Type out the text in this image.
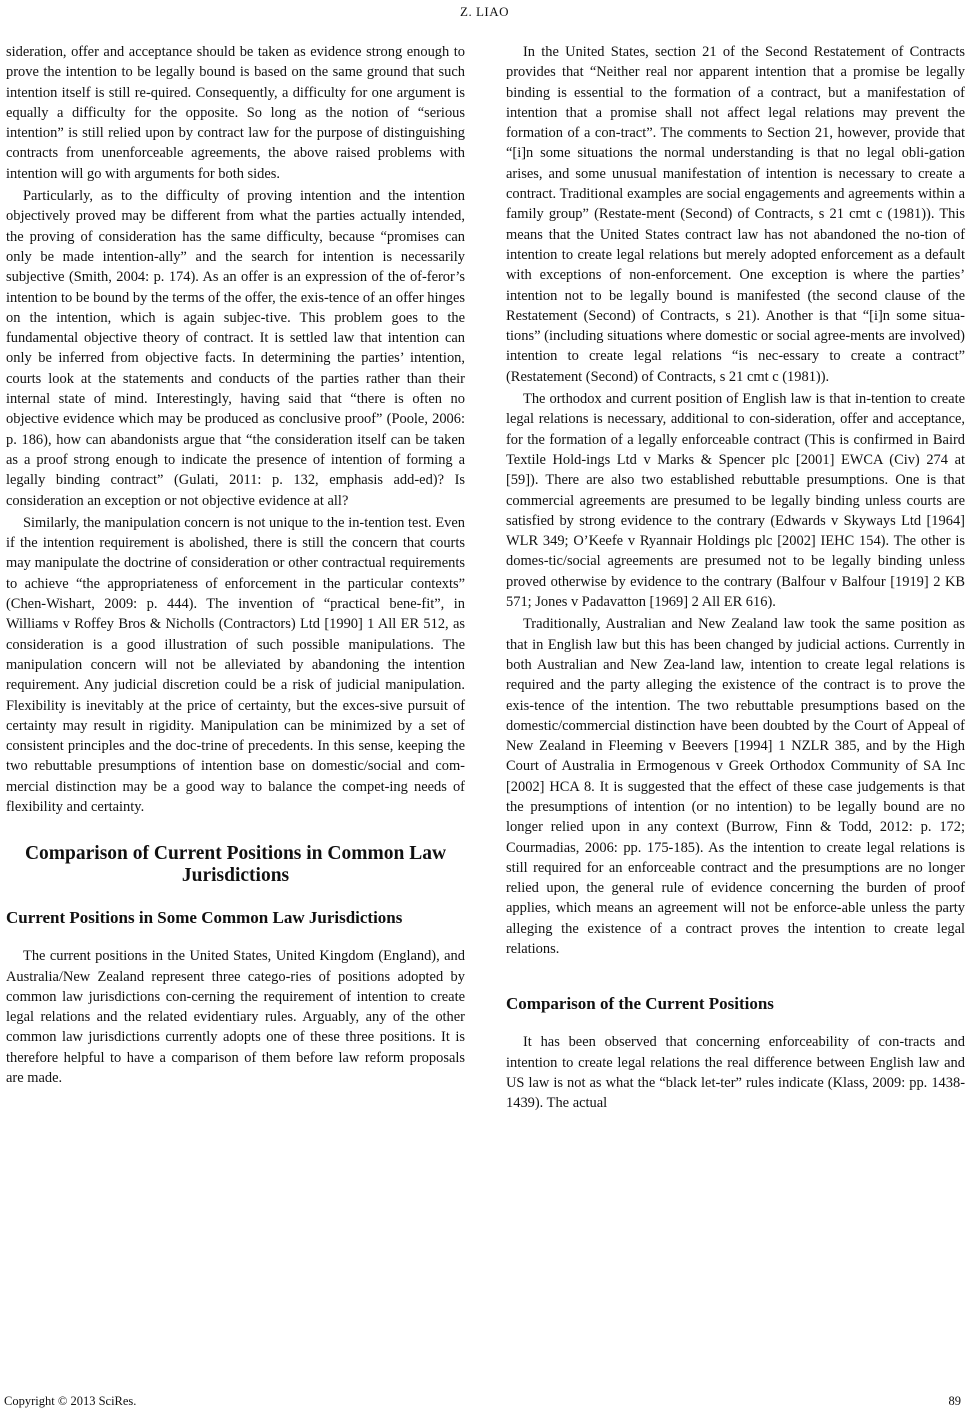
Z. LIAO

sideration, offer and acceptance should be taken as evidence strong enough to prove the intention to be legally bound is based on the same ground that such intention itself is still re-quired. Consequently, a difficulty for one argument is equally a difficulty for the opposite. So long as the notion of “serious intention” is still relied upon by contract law for the purpose of distinguishing contracts from unenforceable agreements, the above raised problems with intention will go with arguments for both sides.

Particularly, as to the difficulty of proving intention and the intention objectively proved may be different from what the parties actually intended, the proving of consideration has the same difficulty, because “promises can only be made intention-ally” and the search for intention is necessarily subjective (Smith, 2004: p. 174). As an offer is an expression of the of-feror’s intention to be bound by the terms of the offer, the exis-tence of an offer hinges on the intention, which is again subjec-tive. This problem goes to the fundamental objective theory of contract. It is settled law that intention can only be inferred from objective facts. In determining the parties’ intention, courts look at the statements and conducts of the parties rather than their internal state of mind. Interestingly, having said that “there is often no objective evidence which may be produced as conclusive proof” (Poole, 2006: p. 186), how can abandonists argue that “the consideration itself can be taken as a proof strong enough to indicate the presence of intention of forming a legally binding contract” (Gulati, 2011: p. 132, emphasis add-ed)? Is consideration an exception or not objective evidence at all?

Similarly, the manipulation concern is not unique to the in-tention test. Even if the intention requirement is abolished, there is still the concern that courts may manipulate the doctrine of consideration or other contractual requirements to achieve “the appropriateness of enforcement in the particular contexts” (Chen-Wishart, 2009: p. 444). The invention of “practical bene-fit”, in Williams v Roffey Bros & Nicholls (Contractors) Ltd [1990] 1 All ER 512, as consideration is a good illustration of such possible manipulations. The manipulation concern will not be alleviated by abandoning the intention requirement. Any judicial discretion could be a risk of judicial manipulation. Flexibility is inevitably at the price of certainty, but the exces-sive pursuit of certainty may result in rigidity. Manipulation can be minimized by a set of consistent principles and the doc-trine of precedents. In this sense, keeping the two rebuttable presumptions of intention base on domestic/social and com-mercial distinction may be a good way to balance the compet-ing needs of flexibility and certainty.

Comparison of Current Positions in Common Law Jurisdictions
Current Positions in Some Common Law Jurisdictions

The current positions in the United States, United Kingdom (England), and Australia/New Zealand represent three catego-ries of positions adopted by common law jurisdictions con-cerning the requirement of intention to create legal relations and the related evidentiary rules. Arguably, any of the other common law jurisdictions currently adopts one of these three positions. It is therefore helpful to have a comparison of them before law reform proposals are made.

In the United States, section 21 of the Second Restatement of Contracts provides that “Neither real nor apparent intention that a promise be legally binding is essential to the formation of a contract, but a manifestation of intention that a promise shall not affect legal relations may prevent the formation of a con-tract”. The comments to Section 21, however, provide that “[i]n some situations the normal understanding is that no legal obli-gation arises, and some unusual manifestation of intention is necessary to create a contract. Traditional examples are social engagements and agreements within a family group” (Restate-ment (Second) of Contracts, s 21 cmt c (1981)). This means that the United States contract law has not abandoned the no-tion of intention to create legal relations but merely adopted enforcement as a default with exceptions of non-enforcement. One exception is where the parties’ intention not to be legally bound is manifested (the second clause of the Restatement (Second) of Contracts, s 21). Another is that “[i]n some situa-tions” (including situations where domestic or social agree-ments are involved) intention to create legal relations “is nec-essary to create a contract” (Restatement (Second) of Contracts, s 21 cmt c (1981)).

The orthodox and current position of English law is that in-tention to create legal relations is necessary, additional to con-sideration, offer and acceptance, for the formation of a legally enforceable contract (This is confirmed in Baird Textile Hold-ings Ltd v Marks & Spencer plc [2001] EWCA (Civ) 274 at [59]). There are also two established rebuttable presumptions. One is that commercial agreements are presumed to be legally binding unless courts are satisfied by strong evidence to the contrary (Edwards v Skyways Ltd [1964] WLR 349; O’Keefe v Ryannair Holdings plc [2002] IEHC 154). The other is domes-tic/social agreements are presumed not to be legally binding unless proved otherwise by evidence to the contrary (Balfour v Balfour [1919] 2 KB 571; Jones v Padavatton [1969] 2 All ER 616).

Traditionally, Australian and New Zealand law took the same position as that in English law but this has been changed by judicial actions. Currently in both Australian and New Zea-land law, intention to create legal relations is required and the party alleging the existence of the contract is to prove the exis-tence of the intention. The two rebuttable presumptions based on the domestic/commercial distinction have been doubted by the Court of Appeal of New Zealand in Fleeming v Beevers [1994] 1 NZLR 385, and by the High Court of Australia in Ermogenous v Greek Orthodox Community of SA Inc [2002] HCA 8. It is suggested that the effect of these case judgements is that the presumptions of intention (or no intention) to be legally bound are no longer relied upon in any context (Burrow, Finn & Todd, 2012: p. 172; Courmadias, 2006: pp. 175-185). As the intention to create legal relations is still required for an enforceable contract and the presumptions are no longer relied upon, the general rule of evidence concerning the burden of proof applies, which means an agreement will not be enforce-able unless the party alleging the existence of a contract proves the intention to create legal relations.

Comparison of the Current Positions

It has been observed that concerning enforceability of con-tracts and intention to create legal relations the real difference between English law and US law is not as what the “black let-ter” rules indicate (Klass, 2009: pp. 1438-1439). The actual

Copyright © 2013 SciRes.	89
